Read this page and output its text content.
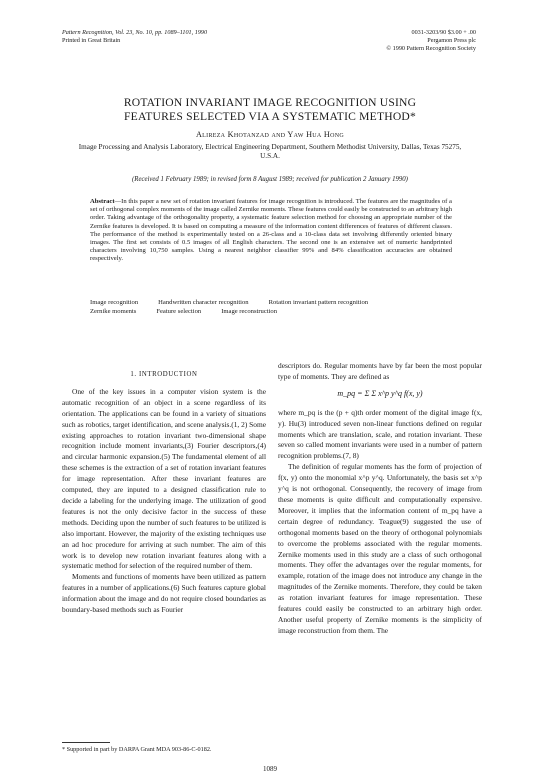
Pattern Recognition, Vol. 23, No. 10, pp. 1089–1101, 1990
Printed in Great Britain
0031-3203/90 $3.00 + .00
Pergamon Press plc
© 1990 Pattern Recognition Society
ROTATION INVARIANT IMAGE RECOGNITION USING
FEATURES SELECTED VIA A SYSTEMATIC METHOD*
Alireza Khotanzad and Yaw Hua Hong
Image Processing and Analysis Laboratory, Electrical Engineering Department, Southern Methodist University, Dallas, Texas 75275, U.S.A.
(Received 1 February 1989; in revised form 8 August 1989; received for publication 2 January 1990)
Abstract—In this paper a new set of rotation invariant features for image recognition is introduced. The features are the magnitudes of a set of orthogonal complex moments of the image called Zernike moments. These features could easily be constructed to an arbitrary high order. Taking advantage of the orthogonality property, a systematic feature selection method for choosing an appropriate number of the Zernike features is developed. It is based on computing a measure of the information content differences of features of different classes. The performance of the method is experimentally tested on a 26-class and a 10-class data set involving differently oriented binary images. The first set consists of 0.5 images of all English characters. The second one is an extensive set of numeric handprinted characters involving 10,750 samples. Using a nearest neighbor classifier 99% and 84% classification accuracies are obtained respectively.
Image recognition	Handwritten character recognition	Rotation invariant pattern recognition
Zernike moments	Feature selection	Image reconstruction
1. INTRODUCTION

One of the key issues in a computer vision system is the automatic recognition of an object in a scene regardless of its orientation. The applications can be found in a variety of situations such as robotics, target identification, and scene analysis.(1, 2) Some existing approaches to rotation invariant two-dimensional shape recognition include moment invariants,(3) Fourier descriptors,(4) and circular harmonic expansion.(5) The fundamental element of all these schemes is the extraction of a set of rotation invariant features for image representation. After these invariant features are computed, they are inputed to a designed classification rule to decide a labeling for the underlying image. The utilization of good features is not the only decisive factor in the success of these methods. Deciding upon the number of such features to be utilized is also important. However, the majority of the existing techniques use an ad hoc procedure for arriving at such number. The aim of this work is to develop new rotation invariant features along with a systematic method for selection of the required number of them.

Moments and functions of moments have been utilized as pattern features in a number of applications.(6) Such features capture global information about the image and do not require closed boundaries as boundary-based methods such as Fourier

descriptors do. Regular moments have by far been the most popular type of moments. They are defined as

m_pq = Σ Σ x^p y^q f(x, y)

where m_pq is the (p + q)th order moment of the digital image f(x, y). Hu(3) introduced seven non-linear functions defined on regular moments which are translation, scale, and rotation invariant. These seven so called moment invariants were used in a number of pattern recognition problems.(7, 8)

The definition of regular moments has the form of projection of f(x, y) onto the monomial x^p y^q. Unfortunately, the basis set x^p y^q is not orthogonal. Consequently, the recovery of image from these moments is quite difficult and computationally expensive. Moreover, it implies that the information content of m_pq have a certain degree of redundancy. Teague(9) suggested the use of orthogonal moments based on the theory of orthogonal polynomials to overcome the problems associated with the regular moments. Zernike moments used in this study are a class of such orthogonal moments. They offer the advantages over the regular moments, for example, rotation of the image does not introduce any change in the magnitudes of the Zernike moments. Therefore, they could be taken as rotation invariant features for image representation. These features could easily be constructed to an arbitrary high order. Another useful property of Zernike moments is the simplicity of image reconstruction from them. The

* Supported in part by DARPA Grant MDA 903-86-C-0182.
1089
